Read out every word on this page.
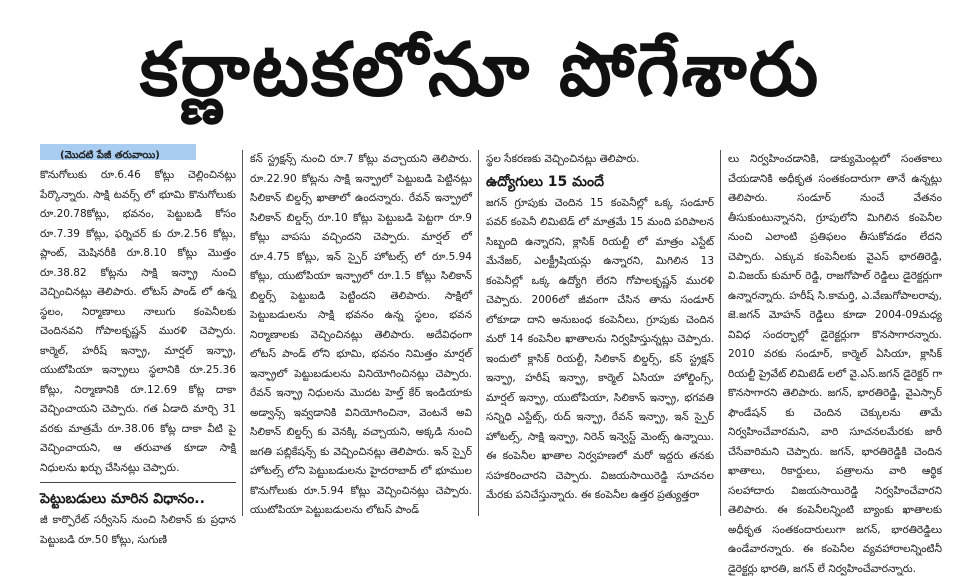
కర్ణాటకలోనూ పోగేశారు
(మొదటి పేజీ తరువాయి)

కొనుగోలుకు రూ.6.46 కోట్లు చెల్లించినట్లు పేర్కొన్నారు. సాక్షి టవర్స్ లో భూమి కొనుగోలుకు రూ.20.78కోట్లు, భవనం, పెట్టుబడి కోసం రూ.7.39 కోట్లు, ఫర్నిచర్ కు రూ.2.56 కోట్లు, ప్లాంట్, మెషినరీకి రూ.8.10 కోట్లు మొత్తం రూ.38.82 కోట్లను సాక్షి ఇన్ఫ్రా నుంచి వెచ్చించినట్లు తెలిపారు. లోటస్ పాండ్ లో ఉన్న స్థలం, నిర్మాణాలు నాలుగు కంపెనీలకు చెందినవని గోపాలకృష్ణన్ మురళి చెప్పారు. కార్మెల్, హరీష్ ఇన్ఫ్రా, మార్షల్ ఇన్ఫ్రా, యుటోపియా ఇన్ఫ్రాలు స్థలానికి రూ.25.36 కోట్లు, నిర్మాణానికి రూ.12.69 కోట్ల దాకా వెచ్చించాయని చెప్పారు. గత ఏడాది మార్చి 31 వరకు మాత్రమే రూ.38.06 కోట్ల దాకా వీటి పై వెచ్చించాయని, ఆ తరువాత కూడా సాక్షి నిధులను ఖర్చు చేసినట్లు చెప్పారు.

పెట్టుబడులు మారిన విధానం..

జీ కార్పొరేట్ సర్వీసెస్ నుంచి సిలికాన్ కు ప్రధాన పెట్టుబడి రూ.50 కోట్లు, సుగుణి

కన్ స్ట్రక్షన్స్ నుంచి రూ.7 కోట్లు వచ్చాయని తెలిపారు. రూ.22.90 కోట్లను సాక్షి ఇన్ఫ్రాలో పెట్టుబడి పెట్టినట్లు సిలికాన్ బిల్డర్స్ ఖాతాలో ఉందన్నారు. రేవన్ ఇన్ఫ్రాలో సిలికాన్ బిల్డర్స్ రూ.10 కోట్లు పెట్టుబడి పెట్టగా రూ.9 కోట్లు వాపసు వచ్చిందని చెప్పారు. మార్షల్ లో రూ.4.75 కోట్లు, ఇన్ స్పైర్ హోటల్స్ లో రూ.5.94 కోట్లు, యుటోపియా ఇన్ఫ్రాలో రూ.1.5 కోట్లు సిలికాన్ బిల్డర్స్ పెట్టుబడి పెట్టిందని తెలిపారు. సాక్షిలో పెట్టుబడులను సాక్షి భవనం ఉన్న స్థలం, భవన నిర్మాణాలకు వెచ్చించినట్లు తెలిపారు. అదేవిధంగా లోటస్ పాండ్ లోని భూమి, భవనం నిమిత్తం మార్షల్ ఇన్ఫ్రాలో పెట్టుబడులను వినియోగించినట్లు చెప్పారు. రేవన్ ఇన్ఫ్రా నిధులను మొదట హెల్త్ కేర్ ఇండియాకు అడ్వాన్స్ ఇవ్వడానికి వినియోగించినా, వెంటనే అవి సిలికాన్ బిల్డర్స్ కు వెనక్కి వచ్చాయని, అక్కడి నుంచి జగతి పబ్లికేషన్స్ కు వెచ్చించినట్లు తెలిపారు. ఇన్ స్పైర్ హోటల్స్ లోని పెట్టుబడులను హైదరాబాద్ లో భూముల కొనుగోలుకు రూ.5.94 కోట్లు వెచ్చించినట్లు చెప్పారు. యుటోపియా పెట్టుబడులను లోటస్ పాండ్

స్థల సేకరణకు వెచ్చించినట్లు తెలిపారు.

ఉద్యోగులు 15 మందే

జగన్ గ్రూపుకు చెందిన 15 కంపెనీల్లో ఒక్క సండూర్ పవర్ కంపెనీ లిమిటెడ్ లో మాత్రమే 15 మంది పరిపాలన సిబ్బంది ఉన్నారని, క్లాసిక్ రియల్టీ లో మాత్రం ఎస్టేట్ మేనేజర్, ఎలక్ట్రీషియన్లు ఉన్నారని, మిగిలిన 13 కంపెనీల్లో ఒక్క ఉద్యోగి లేరని గోపాలకృష్ణన్ మురళి చెప్పారు. 2006లో జీవంగా చేసిన తాను సండూర్ లోకూడా దాని అనుబంధ కంపెనీలు, గ్రూపుకు చెందిన మరో 14 కంపెనీల ఖాతాలను నిర్వహిస్తున్నట్లు చెప్పారు. ఇందులో క్లాసిక్ రియల్టీ, సిలికాన్ బిల్డర్స్, కన్ స్ట్రక్షన్ ఇన్ఫ్రా, హరీష్ ఇన్ఫ్రా, కార్మెల్ ఏసియా హోల్డింగ్స్, మార్షల్ ఇన్ఫ్రా, యుటోపియా, సిలికాన్ ఇన్ఫ్రా, భగవతి సన్నిధి ఎస్టేట్స్, రుద్ ఇన్ఫ్రా, రేవన్ ఇన్ఫ్రా, ఇన్ స్పైర్ హోటల్స్, సాక్షి ఇన్ఫ్రా, నిరెన్ ఇన్వెస్ట్ మెంట్స్ ఉన్నాయి. ఈ కంపెనీల ఖాతాల నిర్వహణలో మరో ఇద్దరు తనకు సహకరించారని చెప్పారు. విజయసాయిరెడ్డి సూచనల మేరకు పనిచేస్తున్నారు. ఈ కంపెనీల ఉత్తర ప్రత్యుత్తరా

లు నిర్వహించడానికి, డాక్యుమెంట్లలో సంతకాలు చేయడానికి అధీకృత సంతకందారుగా తానే ఉన్నట్లు తెలిపారు. సండూర్ నుంచే వేతనం తీసుకుంటున్నానని, గ్రూపులోని మిగిలిన కంపెనీల నుంచి ఎలాంటి ప్రతిఫలం తీసుకోవడం లేదని చెప్పారు. ఎక్కువ కంపెనీలకు వైఎస్ భారతిరెడ్డి, వి.విజయ్ కుమార్ రెడ్డి, రాజగోపాల్ రెడ్డిలు డైరెక్టర్లుగా ఉన్నారన్నారు. హరీష్ సి.కామర్తి, ఎ.వేణుగోపాలరావు, జె.జగన్ మోహన్ రెడ్డిలు కూడా 2004-09మధ్య వివిధ సందర్భాల్లో డైరెక్టర్లుగా కొనసాగారన్నారు. 2010 వరకు సండూర్, కార్మెల్ ఏసియా, క్లాసిక్ రియల్టీ ప్రైవేట్ లిమిటెడ్ లలో వై.ఎస్.జగన్ డైరెక్టర్ గా కొనసాగారని తెలిపారు. జగన్, భారతిరెడ్డి, వైఎస్సార్ ఫౌండేషన్ కు చెందిన చెక్కులను తామే నిర్వహించేవారమని, వారి సూచనలమేరకు జారీ చేసేవారిమని చెప్పారు. జగన్, భారతిరెడ్డికి చెందిన ఖాతాలు, రికార్డులు, పత్రాలను వారి ఆర్థిక సలహాదారు విజయసాయిరెడ్డి నిర్వహించేవారని తెలిపారు. ఈ కంపెనీలన్నింటి బ్యాంకు ఖాతాలకు అధీకృత సంతకందారులుగా జగన్, భారతిరెడ్డిలు ఉండేవారన్నారు. ఈ కంపెనీల వ్యవహారాలన్నింటినీ డైరెక్టర్లు భారతి, జగన్ లే నిర్వహించేవారన్నారు.
